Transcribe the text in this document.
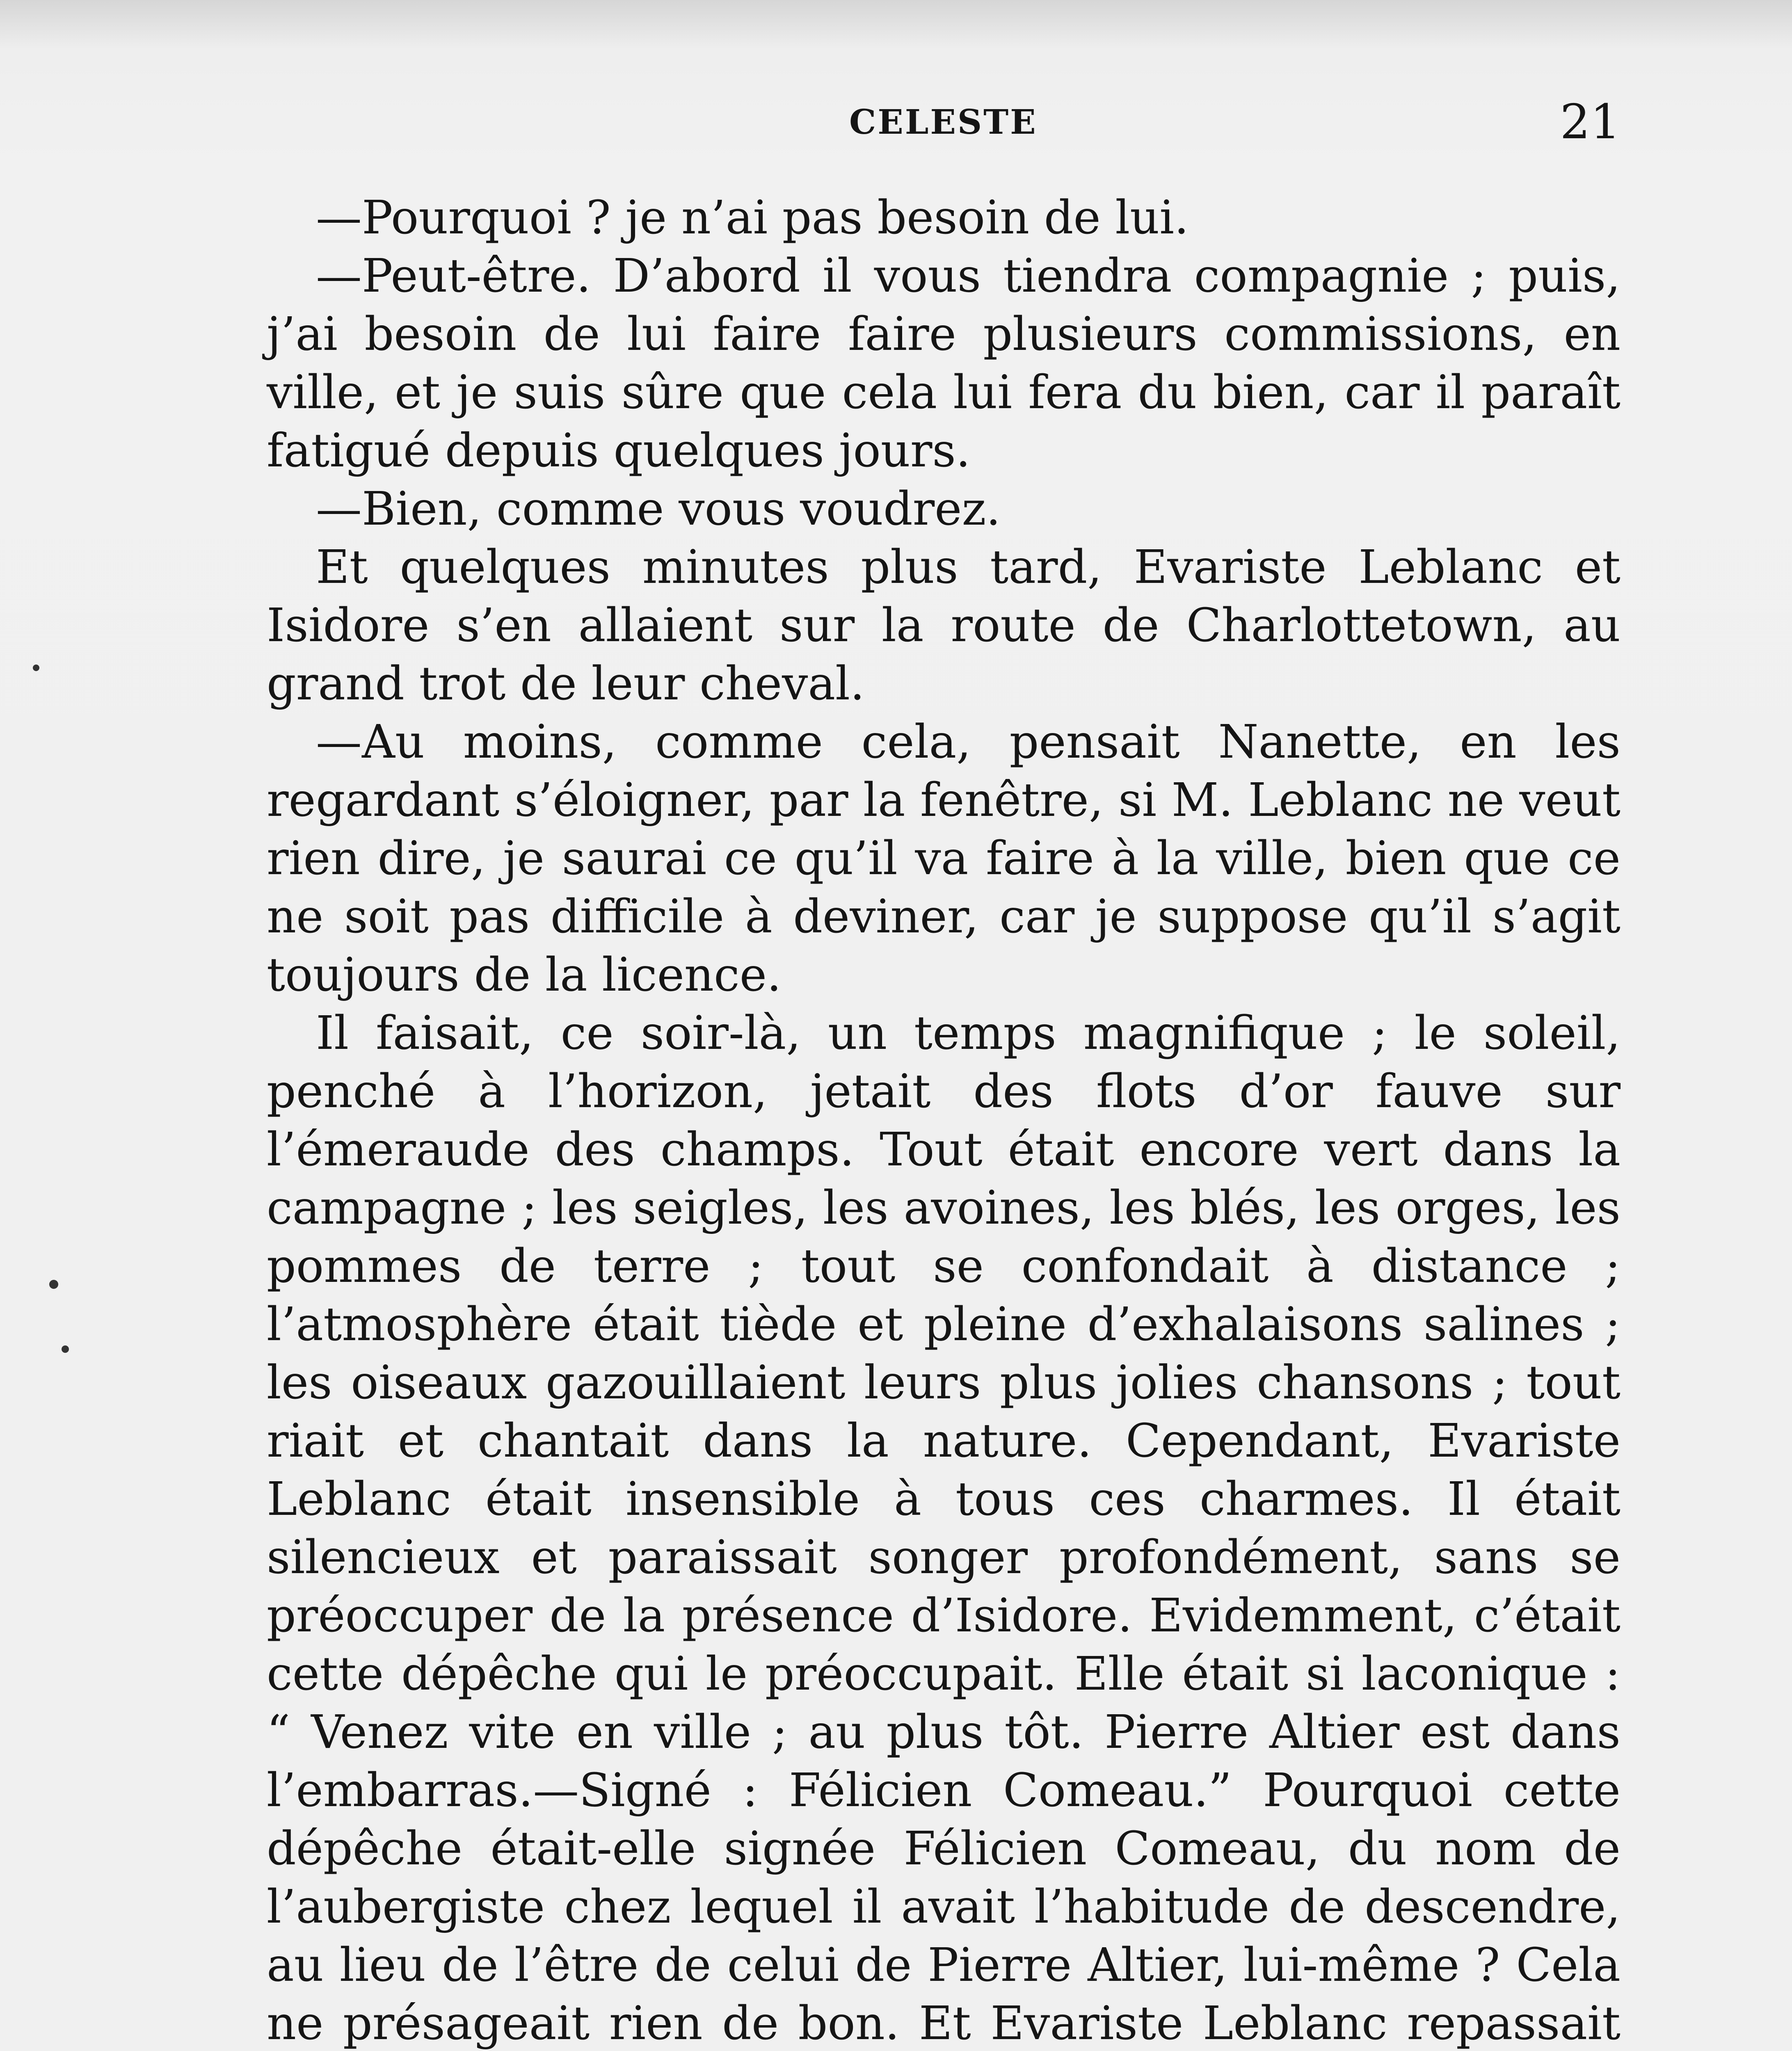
CELESTE	21

—Pourquoi ? je n’ai pas besoin de lui.

—Peut-être. D’abord il vous tiendra compagnie ; puis, j’ai besoin de lui faire faire plusieurs commissions, en ville, et je suis sûre que cela lui fera du bien, car il paraît fatigué depuis quelques jours.

—Bien, comme vous voudrez.

Et quelques minutes plus tard, Evariste Leblanc et Isidore s’en allaient sur la route de Charlottetown, au grand trot de leur cheval.

—Au moins, comme cela, pensait Nanette, en les regardant s’éloigner, par la fenêtre, si M. Leblanc ne veut rien dire, je saurai ce qu’il va faire à la ville, bien que ce ne soit pas difficile à deviner, car je suppose qu’il s’agit toujours de la licence.

Il faisait, ce soir-là, un temps magnifique ; le soleil, penché à l’horizon, jetait des flots d’or fauve sur l’émeraude des champs. Tout était encore vert dans la campagne ; les seigles, les avoines, les blés, les orges, les pommes de terre ; tout se confondait à distance ; l’atmosphère était tiède et pleine d’exhalaisons salines ; les oiseaux gazouillaient leurs plus jolies chansons ; tout riait et chantait dans la nature. Cependant, Evariste Leblanc était insensible à tous ces charmes. Il était silencieux et paraissait songer profondément, sans se préoccuper de la présence d’Isidore. Evidemment, c’était cette dépêche qui le préoccupait. Elle était si laconique : “ Venez vite en ville ; au plus tôt. Pierre Altier est dans l’embarras.—Signé : Félicien Comeau.” Pourquoi cette dépêche était-elle signée Félicien Comeau, du nom de l’aubergiste chez lequel il avait l’habitude de descendre, au lieu de l’être de celui de Pierre Altier, lui-même ? Cela ne présageait rien de bon. Et Evariste Leblanc repassait
